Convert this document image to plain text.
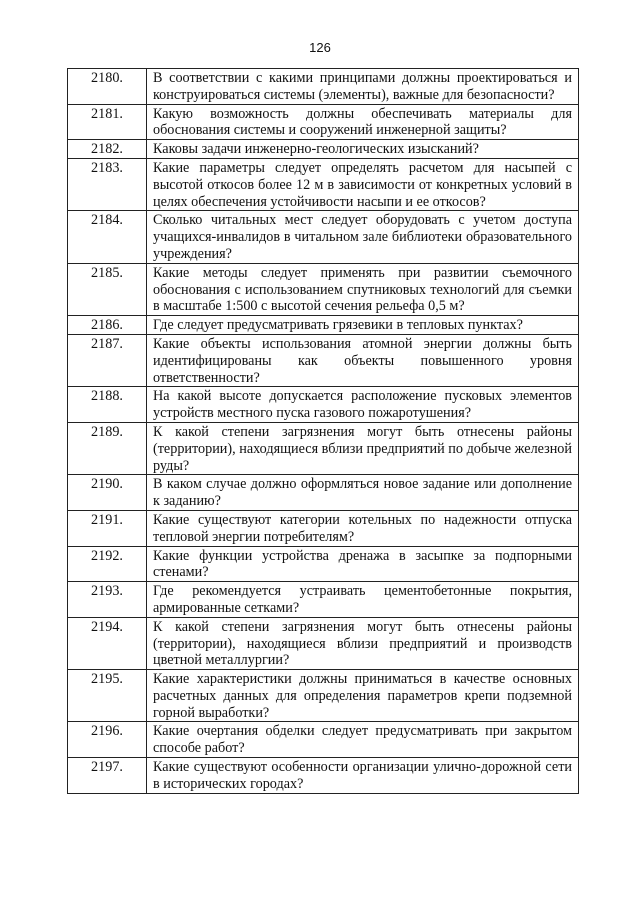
126
2180.	В соответствии с какими принципами должны проектироваться и конструироваться системы (элементы), важные для безопасности?
2181.	Какую возможность должны обеспечивать материалы для обоснования системы и сооружений инженерной защиты?
2182.	Каковы задачи инженерно-геологических изысканий?
2183.	Какие параметры следует определять расчетом для насыпей с высотой откосов более 12 м в зависимости от конкретных условий в целях обеспечения устойчивости насыпи и ее откосов?
2184.	Сколько читальных мест следует оборудовать с учетом доступа учащихся-инвалидов в читальном зале библиотеки образовательного учреждения?
2185.	Какие методы следует применять при развитии съемочного обоснования с использованием спутниковых технологий для съемки в масштабе 1:500 с высотой сечения рельефа 0,5 м?
2186.	Где следует предусматривать грязевики в тепловых пунктах?
2187.	Какие объекты использования атомной энергии должны быть идентифицированы как объекты повышенного уровня ответственности?
2188.	На какой высоте допускается расположение пусковых элементов устройств местного пуска газового пожаротушения?
2189.	К какой степени загрязнения могут быть отнесены районы (территории), находящиеся вблизи предприятий по добыче железной руды?
2190.	В каком случае должно оформляться новое задание или дополнение к заданию?
2191.	Какие существуют категории котельных по надежности отпуска тепловой энергии потребителям?
2192.	Какие функции устройства дренажа в засыпке за подпорными стенами?
2193.	Где рекомендуется устраивать цементобетонные покрытия, армированные сетками?
2194.	К какой степени загрязнения могут быть отнесены районы (территории), находящиеся вблизи предприятий и производств цветной металлургии?
2195.	Какие характеристики должны приниматься в качестве основных расчетных данных для определения параметров крепи подземной горной выработки?
2196.	Какие очертания обделки следует предусматривать при закрытом способе работ?
2197.	Какие существуют особенности организации улично-дорожной сети в исторических городах?
